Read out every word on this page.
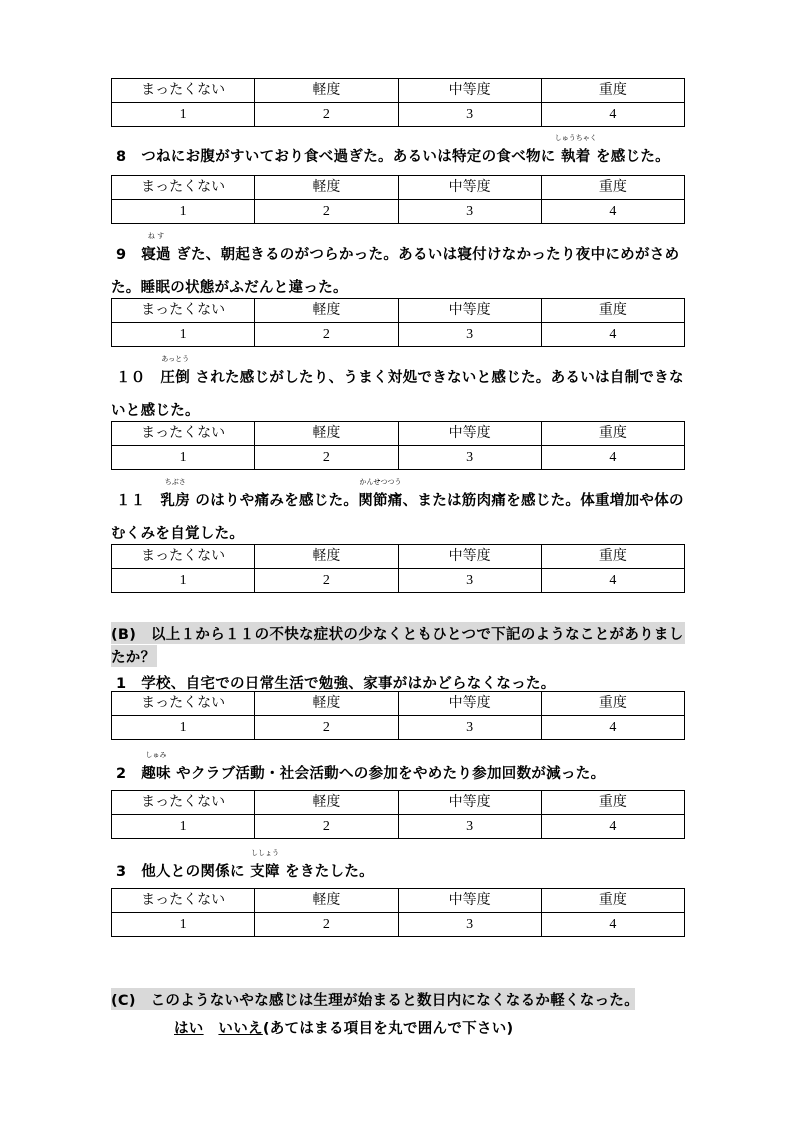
まったくない	軽度	中等度	重度
1	2	3	4
8　 つねにお腹がすいており食べ過ぎた。あるいは特定の食べ物に
しゅうちゃく
執着 を感じた。
まったくない	軽度	中等度	重度
1	2	3	4
9　
ね す
寝過 ぎた、朝起きるのがつらかった。あるいは寝付けなかったり夜中にめがさめ
た。睡眠の状態がふだんと違った。
まったくない	軽度	中等度	重度
1	2	3	4
１０　
あっとう
圧倒 された感じがしたり、うまく対処できないと感じた。あるいは自制できな
いと感じた。
まったくない	軽度	中等度	重度
1	2	3	4
１１　
ちぶさ
乳房 のはりや痛みを感じた。
かんせつつう
関節痛、または筋肉痛を感じた。体重増加や体の
むくみを自覚した。
まったくない	軽度	中等度	重度
1	2	3	4
(B)　以上１から１１の不快な症状の少なくともひとつで下記のようなことがありまし
たか？
1　 学校、自宅での日常生活で勉強、家事がはかどらなくなった。
まったくない	軽度	中等度	重度
1	2	3	4
2　
しゅみ
趣味 やクラブ活動・社会活動への参加をやめたり参加回数が減った。
まったくない	軽度	中等度	重度
1	2	3	4
3　 他人との関係に
ししょう
支障 をきたした。
まったくない	軽度	中等度	重度
1	2	3	4
(C)　このようないやな感じは生理が始まると数日内になくなるか軽くなった。
はい　 いいえ(あてはまる項目を丸で囲んで下さい)
